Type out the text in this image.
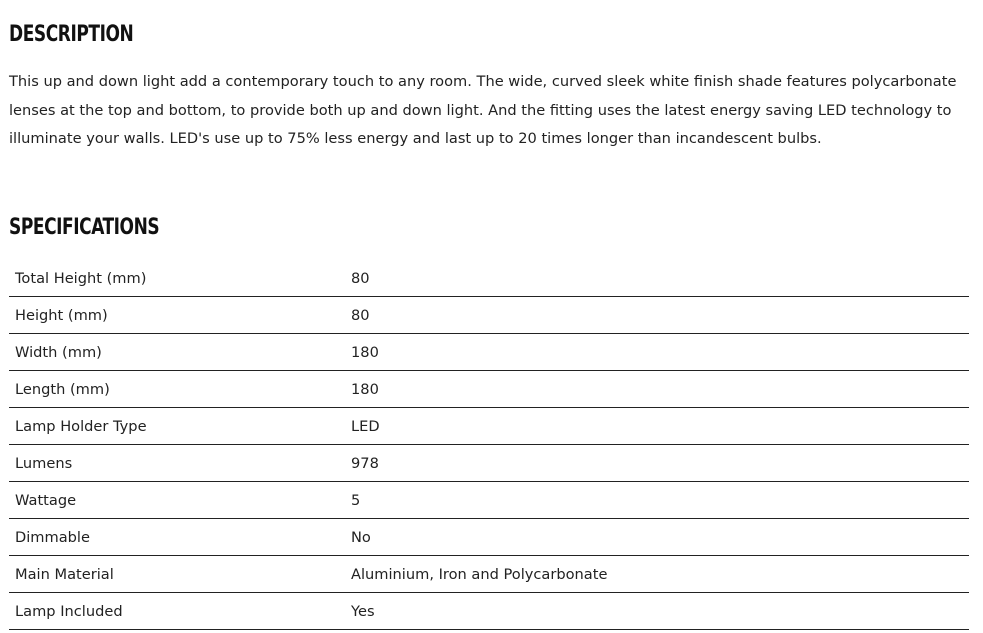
DESCRIPTION

This up and down light add a contemporary touch to any room. The wide, curved sleek white finish shade features polycarbonate lenses at the top and bottom, to provide both up and down light. And the fitting uses the latest energy saving LED technology to illuminate your walls. LED's use up to 75% less energy and last up to 20 times longer than incandescent bulbs.

SPECIFICATIONS
Total Height (mm)	80
Height (mm)	80
Width (mm)	180
Length (mm)	180
Lamp Holder Type	LED
Lumens	978
Wattage	5
Dimmable	No
Main Material	Aluminium, Iron and Polycarbonate
Lamp Included	Yes
